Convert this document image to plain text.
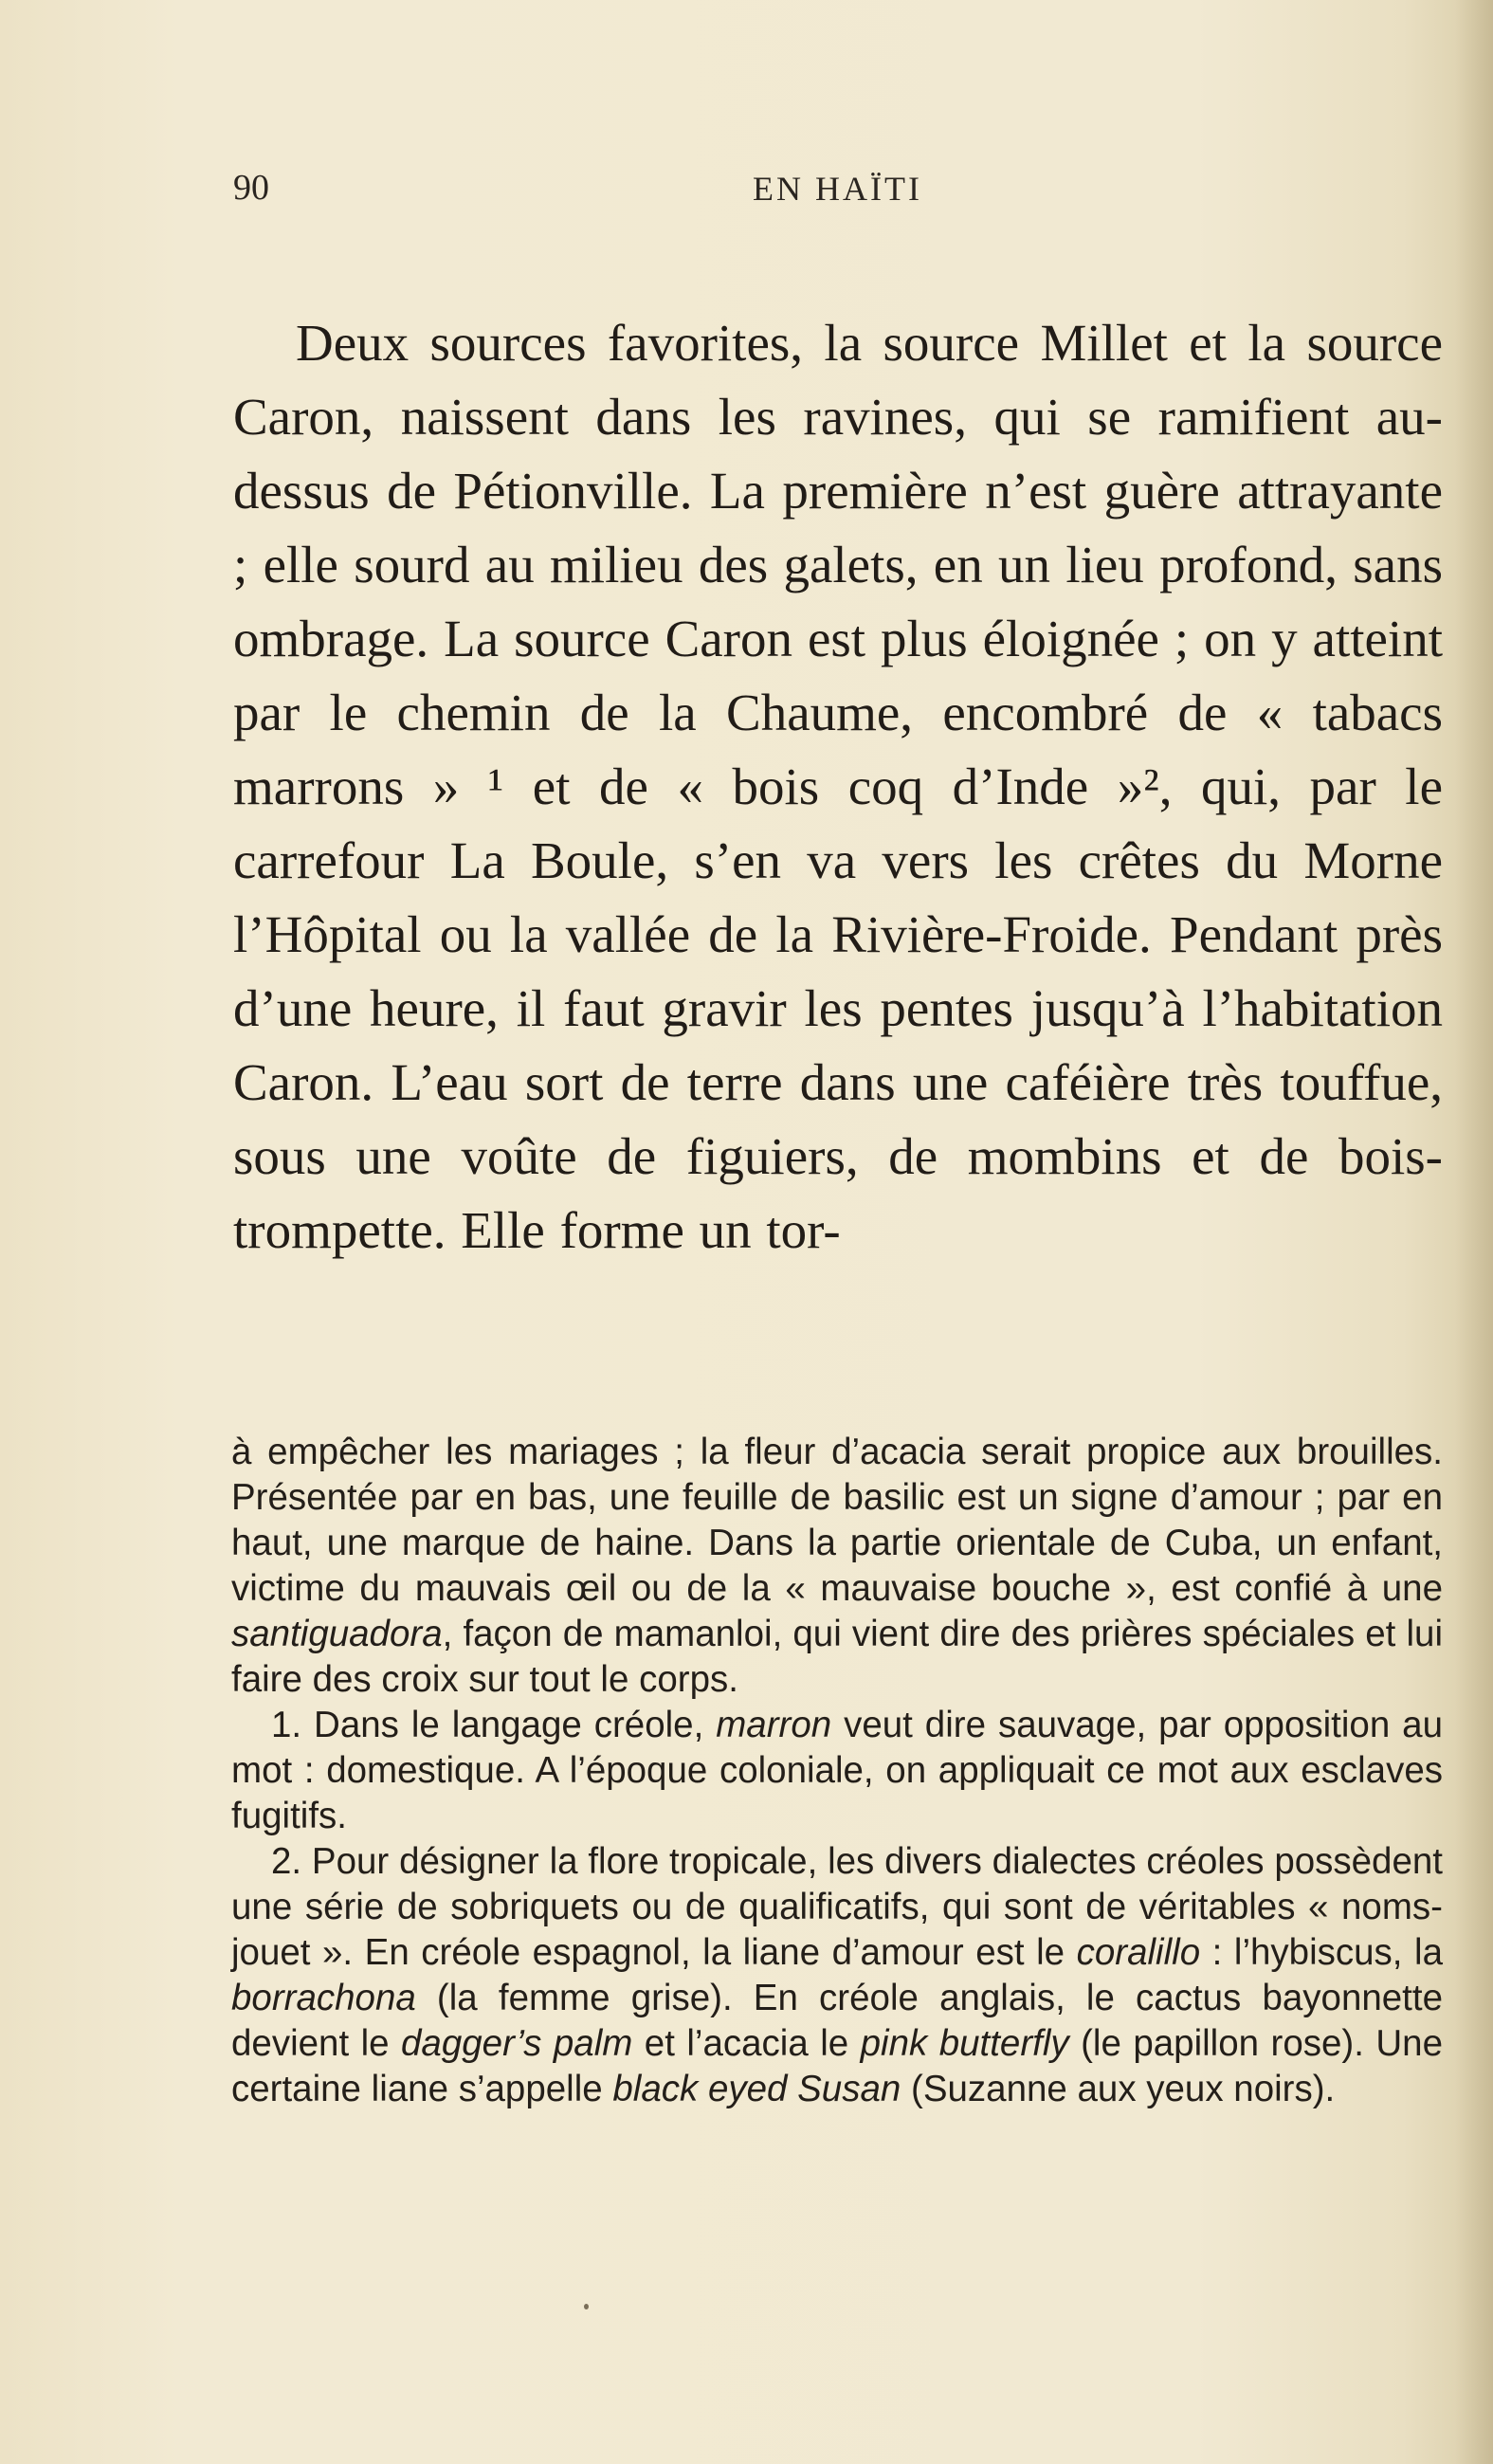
90	EN HAÏTI

Deux sources favorites, la source Millet et la source Caron, naissent dans les ravines, qui se ramifient au-dessus de Pétionville. La première n’est guère attrayante ; elle sourd au milieu des galets, en un lieu profond, sans ombrage. La source Caron est plus éloignée ; on y atteint par le chemin de la Chaume, encombré de « tabacs marrons » ¹ et de « bois coq d’Inde »², qui, par le carrefour La Boule, s’en va vers les crêtes du Morne l’Hôpital ou la vallée de la Rivière-Froide. Pendant près d’une heure, il faut gravir les pentes jusqu’à l’habitation Caron. L’eau sort de terre dans une caféière très touffue, sous une voûte de figuiers, de mombins et de bois-trompette. Elle forme un tor-

à empêcher les mariages ; la fleur d’acacia serait propice aux brouilles. Présentée par en bas, une feuille de basilic est un signe d’amour ; par en haut, une marque de haine. Dans la partie orientale de Cuba, un enfant, victime du mauvais œil ou de la « mauvaise bouche », est confié à une santiguadora, façon de mamanloi, qui vient dire des prières spéciales et lui faire des croix sur tout le corps.

1. Dans le langage créole, marron veut dire sauvage, par opposition au mot : domestique. A l’époque coloniale, on appliquait ce mot aux esclaves fugitifs.

2. Pour désigner la flore tropicale, les divers dialectes créoles possèdent une série de sobriquets ou de qualificatifs, qui sont de véritables « noms-jouet ». En créole espagnol, la liane d’amour est le coralillo : l’hybiscus, la borrachona (la femme grise). En créole anglais, le cactus bayonnette devient le dagger’s palm et l’acacia le pink butterfly (le papillon rose). Une certaine liane s’appelle black eyed Susan (Suzanne aux yeux noirs).
